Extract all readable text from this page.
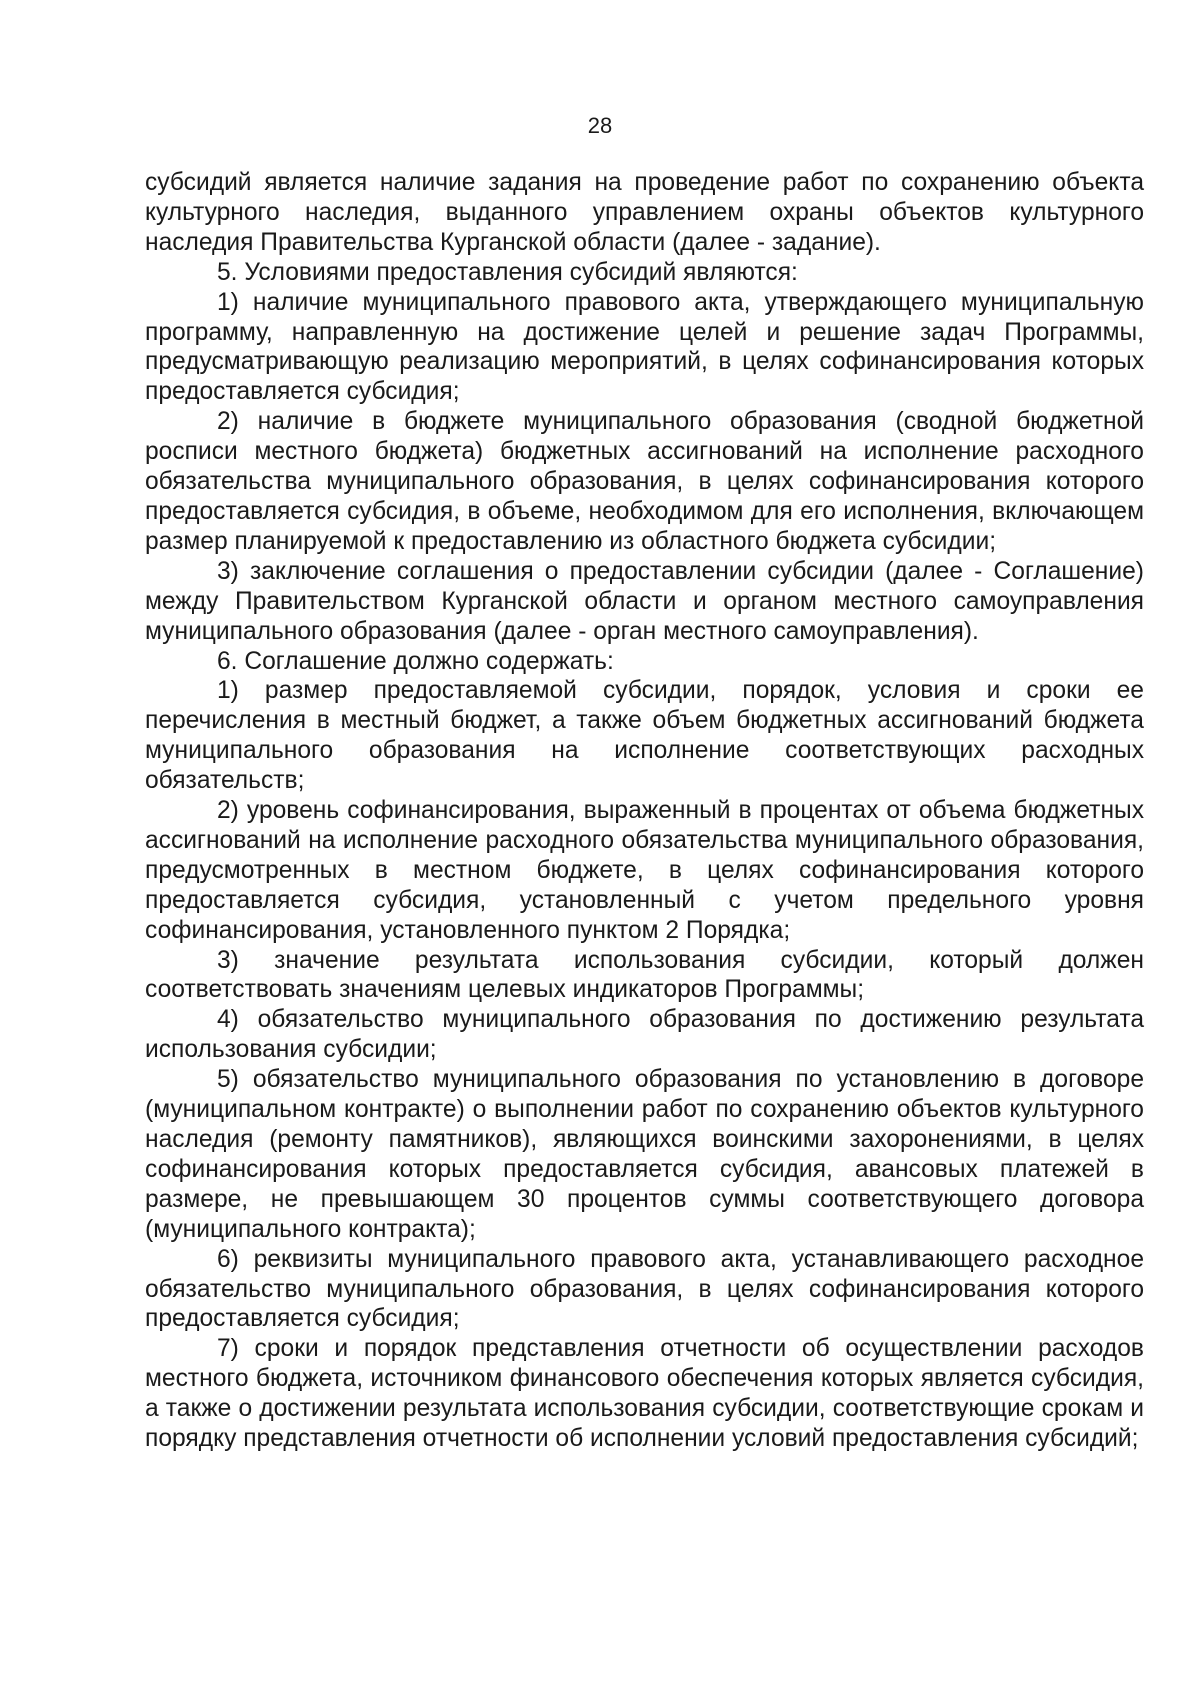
28

субсидий является наличие задания на проведение работ по сохранению объекта культурного наследия, выданного управлением охраны объектов культурного наследия Правительства Курганской области (далее - задание).

5. Условиями предоставления субсидий являются:

1) наличие муниципального правового акта, утверждающего муниципальную программу, направленную на достижение целей и решение задач Программы, предусматривающую реализацию мероприятий, в целях софинансирования которых предоставляется субсидия;

2) наличие в бюджете муниципального образования (сводной бюджетной росписи местного бюджета) бюджетных ассигнований на исполнение расходного обязательства муниципального образования, в целях софинансирования которого предоставляется субсидия, в объеме, необходимом для его исполнения, включающем размер планируемой к предоставлению из областного бюджета субсидии;

3) заключение соглашения о предоставлении субсидии (далее - Соглашение) между Правительством Курганской области и органом местного самоуправления муниципального образования (далее - орган местного самоуправления).

6. Соглашение должно содержать:

1) размер предоставляемой субсидии, порядок, условия и сроки ее перечисления в местный бюджет, а также объем бюджетных ассигнований бюджета муниципального образования на исполнение соответствующих расходных обязательств;

2) уровень софинансирования, выраженный в процентах от объема бюджетных ассигнований на исполнение расходного обязательства муниципального образования, предусмотренных в местном бюджете, в целях софинансирования которого предоставляется субсидия, установленный с учетом предельного уровня софинансирования, установленного пунктом 2 Порядка;

3) значение результата использования субсидии, который должен соответствовать значениям целевых индикаторов Программы;

4) обязательство муниципального образования по достижению результата использования субсидии;

5) обязательство муниципального образования по установлению в договоре (муниципальном контракте) о выполнении работ по сохранению объектов культурного наследия (ремонту памятников), являющихся воинскими захоронениями, в целях софинансирования которых предоставляется субсидия, авансовых платежей в размере, не превышающем 30 процентов суммы соответствующего договора (муниципального контракта);

6) реквизиты муниципального правового акта, устанавливающего расходное обязательство муниципального образования, в целях софинансирования которого предоставляется субсидия;

7) сроки и порядок представления отчетности об осуществлении расходов местного бюджета, источником финансового обеспечения которых является субсидия, а также о достижении результата использования субсидии, соответствующие срокам и порядку представления отчетности об исполнении условий предоставления субсидий;
